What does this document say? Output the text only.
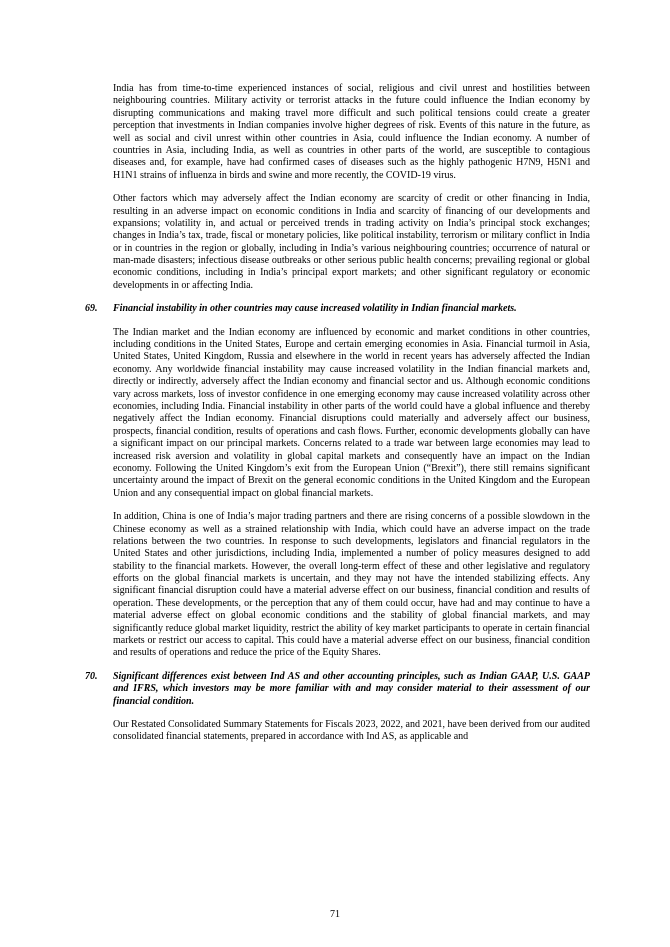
India has from time-to-time experienced instances of social, religious and civil unrest and hostilities between neighbouring countries. Military activity or terrorist attacks in the future could influence the Indian economy by disrupting communications and making travel more difficult and such political tensions could create a greater perception that investments in Indian companies involve higher degrees of risk. Events of this nature in the future, as well as social and civil unrest within other countries in Asia, could influence the Indian economy. A number of countries in Asia, including India, as well as countries in other parts of the world, are susceptible to contagious diseases and, for example, have had confirmed cases of diseases such as the highly pathogenic H7N9, H5N1 and H1N1 strains of influenza in birds and swine and more recently, the COVID-19 virus.

Other factors which may adversely affect the Indian economy are scarcity of credit or other financing in India, resulting in an adverse impact on economic conditions in India and scarcity of financing of our developments and expansions; volatility in, and actual or perceived trends in trading activity on India’s principal stock exchanges; changes in India’s tax, trade, fiscal or monetary policies, like political instability, terrorism or military conflict in India or in countries in the region or globally, including in India’s various neighbouring countries; occurrence of natural or man-made disasters; infectious disease outbreaks or other serious public health concerns; prevailing regional or global economic conditions, including in India’s principal export markets; and other significant regulatory or economic developments in or affecting India.

69.	Financial instability in other countries may cause increased volatility in Indian financial markets.

The Indian market and the Indian economy are influenced by economic and market conditions in other countries, including conditions in the United States, Europe and certain emerging economies in Asia. Financial turmoil in Asia, United States, United Kingdom, Russia and elsewhere in the world in recent years has adversely affected the Indian economy. Any worldwide financial instability may cause increased volatility in the Indian financial markets and, directly or indirectly, adversely affect the Indian economy and financial sector and us. Although economic conditions vary across markets, loss of investor confidence in one emerging economy may cause increased volatility across other economies, including India. Financial instability in other parts of the world could have a global influence and thereby negatively affect the Indian economy. Financial disruptions could materially and adversely affect our business, prospects, financial condition, results of operations and cash flows. Further, economic developments globally can have a significant impact on our principal markets. Concerns related to a trade war between large economies may lead to increased risk aversion and volatility in global capital markets and consequently have an impact on the Indian economy. Following the United Kingdom’s exit from the European Union (“Brexit”), there still remains significant uncertainty around the impact of Brexit on the general economic conditions in the United Kingdom and the European Union and any consequential impact on global financial markets.

In addition, China is one of India’s major trading partners and there are rising concerns of a possible slowdown in the Chinese economy as well as a strained relationship with India, which could have an adverse impact on the trade relations between the two countries. In response to such developments, legislators and financial regulators in the United States and other jurisdictions, including India, implemented a number of policy measures designed to add stability to the financial markets. However, the overall long-term effect of these and other legislative and regulatory efforts on the global financial markets is uncertain, and they may not have the intended stabilizing effects. Any significant financial disruption could have a material adverse effect on our business, financial condition and results of operation. These developments, or the perception that any of them could occur, have had and may continue to have a material adverse effect on global economic conditions and the stability of global financial markets, and may significantly reduce global market liquidity, restrict the ability of key market participants to operate in certain financial markets or restrict our access to capital. This could have a material adverse effect on our business, financial condition and results of operations and reduce the price of the Equity Shares.

70.	Significant differences exist between Ind AS and other accounting principles, such as Indian GAAP, U.S. GAAP and IFRS, which investors may be more familiar with and may consider material to their assessment of our financial condition.

Our Restated Consolidated Summary Statements for Fiscals 2023, 2022, and 2021, have been derived from our audited consolidated financial statements, prepared in accordance with Ind AS, as applicable and

71
